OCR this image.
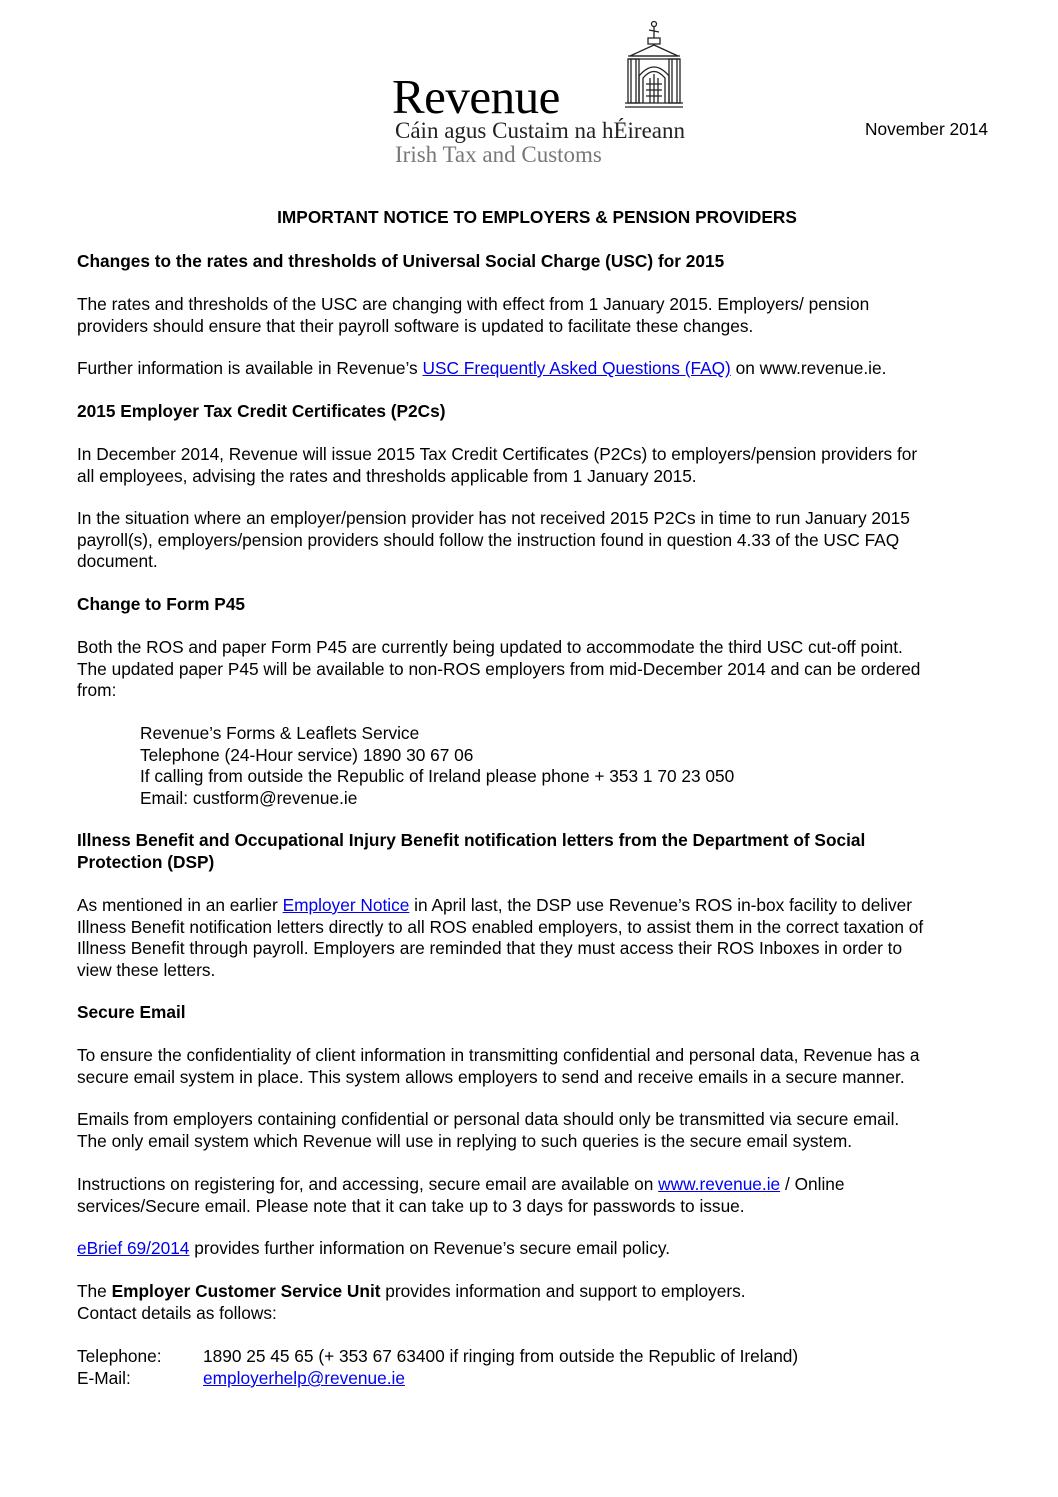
Revenue
Cáin agus Custaim na hÉireann
Irish Tax and Customs
November 2014
IMPORTANT NOTICE TO EMPLOYERS & PENSION PROVIDERS
Changes to the rates and thresholds of Universal Social Charge (USC) for 2015
The rates and thresholds of the USC are changing with effect from 1 January 2015. Employers/ pension
providers should ensure that their payroll software is updated to facilitate these changes.
Further information is available in Revenue’s USC Frequently Asked Questions (FAQ) on www.revenue.ie.
2015 Employer Tax Credit Certificates (P2Cs)
In December 2014, Revenue will issue 2015 Tax Credit Certificates (P2Cs) to employers/pension providers for
all employees, advising the rates and thresholds applicable from 1 January 2015.
In the situation where an employer/pension provider has not received 2015 P2Cs in time to run January 2015
payroll(s), employers/pension providers should follow the instruction found in question 4.33 of the USC FAQ
document.
Change to Form P45
Both the ROS and paper Form P45 are currently being updated to accommodate the third USC cut-off point.
The updated paper P45 will be available to non-ROS employers from mid-December 2014 and can be ordered
from:
Revenue’s Forms & Leaflets Service
Telephone (24-Hour service) 1890 30 67 06
If calling from outside the Republic of Ireland please phone + 353 1 70 23 050
Email: custform@revenue.ie
Illness Benefit and Occupational Injury Benefit notification letters from the Department of Social
Protection (DSP)
As mentioned in an earlier Employer Notice in April last, the DSP use Revenue’s ROS in-box facility to deliver
Illness Benefit notification letters directly to all ROS enabled employers, to assist them in the correct taxation of
Illness Benefit through payroll. Employers are reminded that they must access their ROS Inboxes in order to
view these letters.
Secure Email
To ensure the confidentiality of client information in transmitting confidential and personal data, Revenue has a
secure email system in place. This system allows employers to send and receive emails in a secure manner.
Emails from employers containing confidential or personal data should only be transmitted via secure email.
The only email system which Revenue will use in replying to such queries is the secure email system.
Instructions on registering for, and accessing, secure email are available on www.revenue.ie / Online
services/Secure email. Please note that it can take up to 3 days for passwords to issue.
eBrief 69/2014 provides further information on Revenue’s secure email policy.
The Employer Customer Service Unit provides information and support to employers.
Contact details as follows:
Telephone: 1890 25 45 65 (+ 353 67 63400 if ringing from outside the Republic of Ireland)
E-Mail:	employerhelp@revenue.ie
